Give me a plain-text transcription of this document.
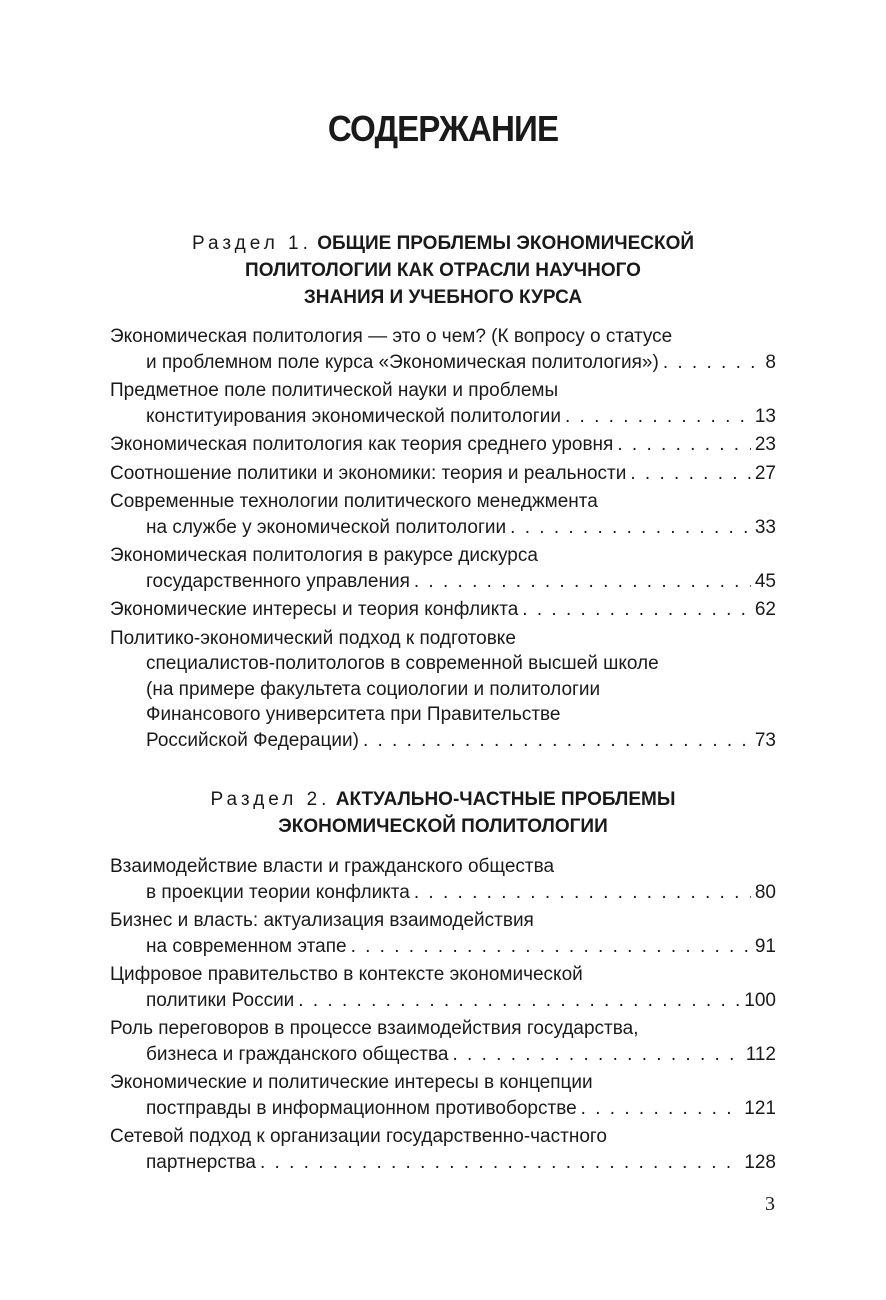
СОДЕРЖАНИЕ
Раздел 1. ОБЩИЕ ПРОБЛЕМЫ ЭКОНОМИЧЕСКОЙ
ПОЛИТОЛОГИИ КАК ОТРАСЛИ НАУЧНОГО
ЗНАНИЯ И УЧЕБНОГО КУРСА
Экономическая политология — это о чем? (К вопросу о статусе
и проблемном поле курса «Экономическая политология») . . .	8
Предметное поле политической науки и проблемы
конституирования экономической политологии . . .	13
Экономическая политология как теория среднего уровня . . .	23
Соотношение политики и экономики: теория и реальности . . .	27
Современные технологии политического менеджмента
на службе у экономической политологии . . .	33
Экономическая политология в ракурсе дискурса
государственного управления . . .	45
Экономические интересы и теория конфликта . . .	62
Политико-экономический подход к подготовке
специалистов-политологов в современной высшей школе
(на примере факультета социологии и политологии
Финансового университета при Правительстве
Российской Федерации) . . .	73
Раздел 2. АКТУАЛЬНО-ЧАСТНЫЕ ПРОБЛЕМЫ
ЭКОНОМИЧЕСКОЙ ПОЛИТОЛОГИИ
Взаимодействие власти и гражданского общества
в проекции теории конфликта . . .	80
Бизнес и власть: актуализация взаимодействия
на современном этапе . . .	91
Цифровое правительство в контексте экономической
политики России . . .	100
Роль переговоров в процессе взаимодействия государства,
бизнеса и гражданского общества . . .	112
Экономические и политические интересы в концепции
постправды в информационном противоборстве . . .	121
Сетевой подход к организации государственно-частного
партнерства . . .	128
3
